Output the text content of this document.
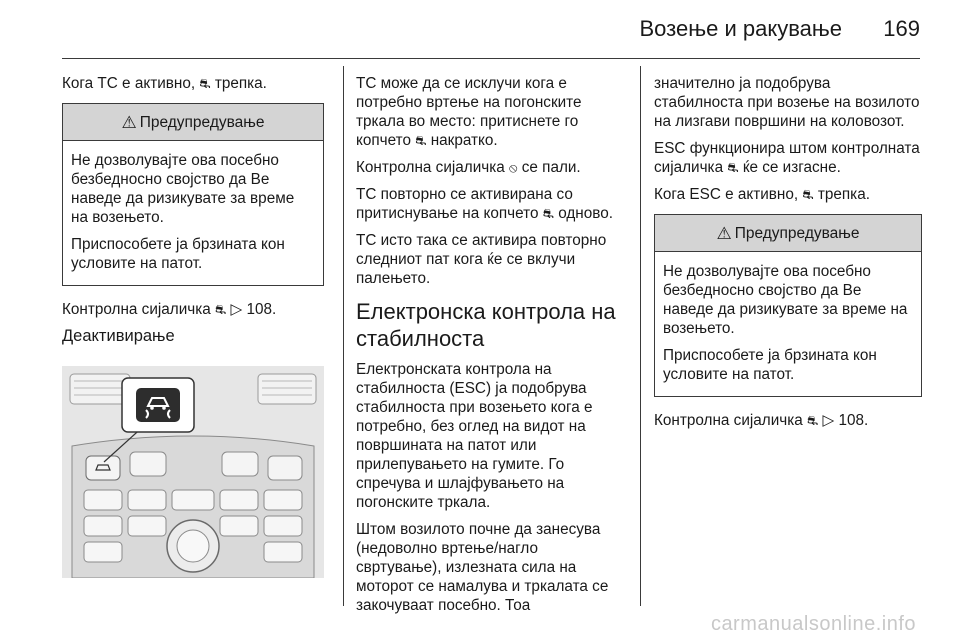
Возење и ракување 169

Кога TC е активно, ⛐ трепка.

⚠ Предупредување

Не дозволувајте ова посебно безбедносно својство да Ве наведе да ризикувате за време на возењето.

Приспособете ја брзината кон условите на патот.

Контролна сијаличка ⛐ ▷ 108.

Деактивирање

TC може да се исклучи кога е потребно вртење на погонските тркала во место: притиснете го копчето ⛐ накратко.

Контролна сијаличка ⦸ се пали.

TC повторно се активирана со притиснување на копчето ⛐ одново.

TC исто така се активира повторно следниот пат кога ќе се вклучи палењето.

Електронска контрола на стабилноста

Електронската контрола на стабилноста (ESC) ја подобрува стабилноста при возењето кога е потребно, без оглед на видот на површината на патот или прилепувањето на гумите. Го спречува и шлајфувањето на погонските тркала.

Штом возилото почне да занесува (недоволно вртење/нагло свртување), излезната сила на моторот се намалува и тркалата се закочуваат посебно. Тоа

значително ја подобрува стабилноста при возење на возилото на лизгави површини на коловозот.

ESC функционира штом контролната сијаличка ⛐ ќе се изгасне.

Кога ESC е активно, ⛐ трепка.

⚠ Предупредување

Не дозволувајте ова посебно безбедносно својство да Ве наведе да ризикувате за време на возењето.

Приспособете ја брзината кон условите на патот.

Контролна сијаличка ⛐ ▷ 108.

carmanualsonline.info
